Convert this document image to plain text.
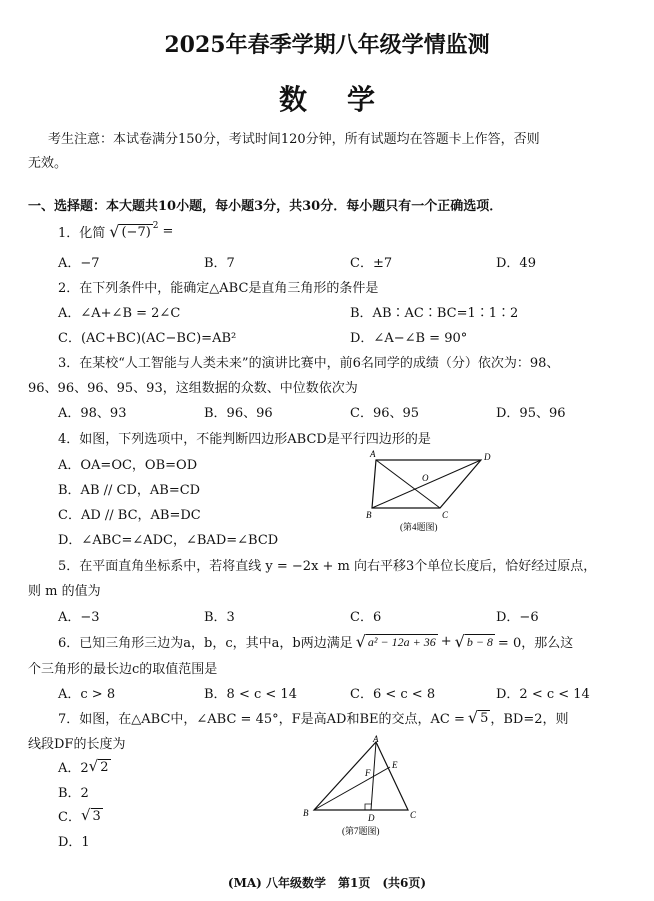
2025年春季学期八年级学情监测
数学
考生注意：本试卷满分150分，考试时间120分钟，所有试题均在答题卡上作答，否则
无效。
一、选择题：本大题共10小题，每小题3分，共30分．每小题只有一个正确选项．
1．化简 √ $(-7)^2$ =
A．−7	B．7	C．±7	D．49
2．在下列条件中，能确定△ABC是直角三角形的条件是
A．∠A+∠B = 2∠C	B．AB∶AC∶BC=1∶1∶2
C．(AC+BC)(AC−BC)=AB²	D．∠A−∠B = 90°
3．在某校“人工智能与人类未来”的演讲比赛中，前6名同学的成绩（分）依次为：98、
96、96、96、95、93，这组数据的众数、中位数依次为
A．98、93	B．96、96	C．96、95	D．95、96
4．如图，下列选项中，不能判断四边形ABCD是平行四边形的是
A．OA=OC，OB=OD
B．AB // CD，AB=CD
C．AD // BC，AB=DC
D．∠ABC=∠ADC，∠BAD=∠BCD
A	D
O
B	C
(第4题图)
5．在平面直角坐标系中，若将直线 y = −2x + m 向右平移3个单位长度后，恰好经过原点，
则 m 的值为
A．−3	B．3	C．6	D．−6
6．已知三角形三边为a，b，c，其中a，b两边满足 √ a² − 12a + 36 + √ b − 8 = 0，那么这
个三角形的最长边c的取值范围是
A．c > 8	B．8 < c < 14	C．6 < c < 8	D．2 < c < 14
7．如图，在△ABC中，∠ABC = 45°，F是高AD和BE的交点，AC = √ 5 ，BD=2，则
线段DF的长度为
A．2 √ 2
B．2
C． √ 3
D．1
A
E
F
B	D	C
(第7题图)
(MA) 八年级数学　第1页　(共6页)
